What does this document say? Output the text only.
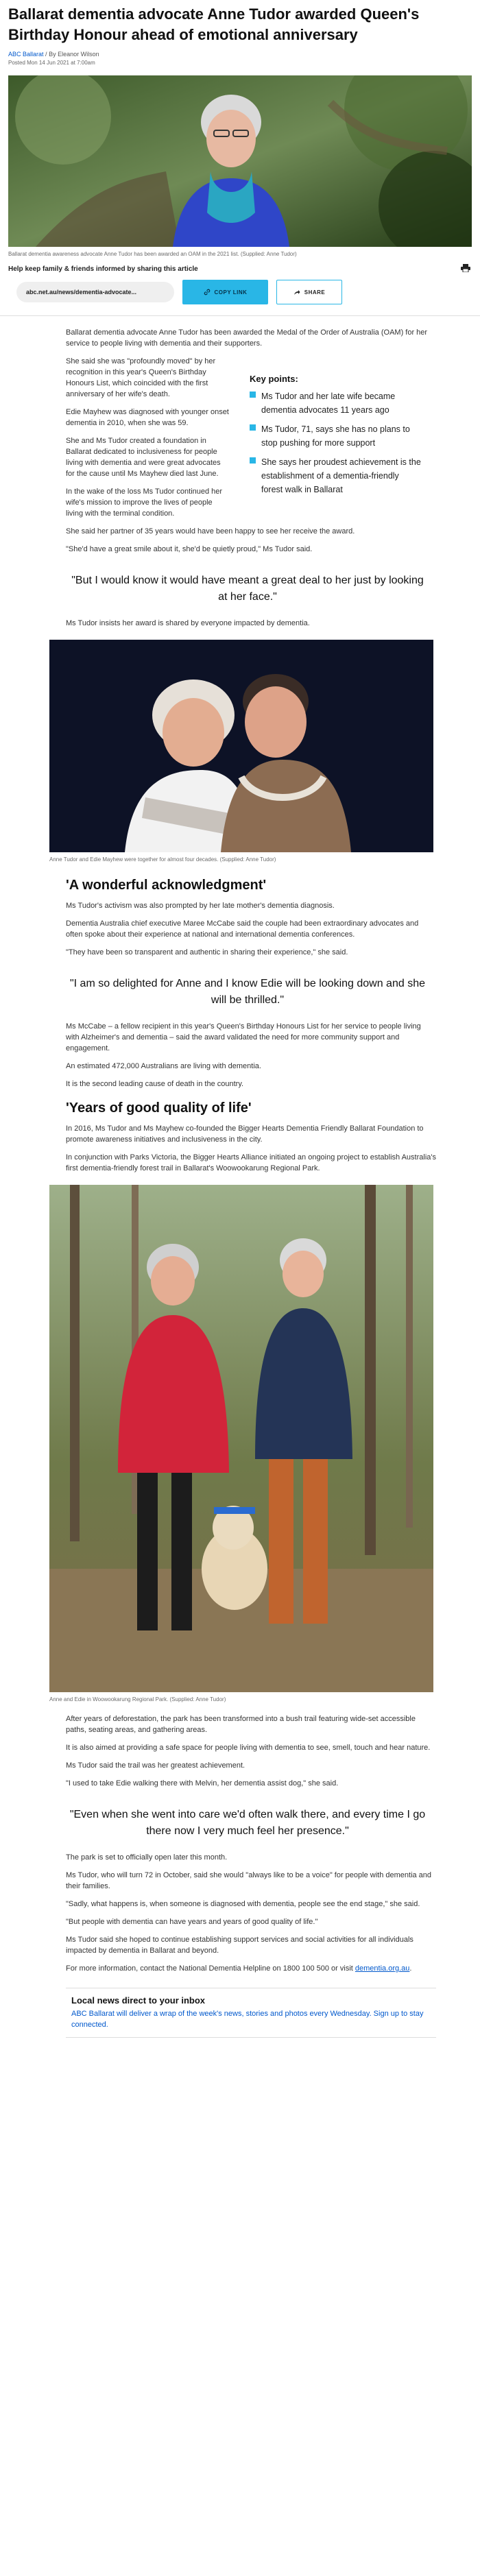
Ballarat dementia advocate Anne Tudor awarded Queen's Birthday Honour ahead of emotional anniversary
ABC Ballarat / By Eleanor Wilson
Posted Mon 14 Jun 2021 at 7:00am
Ballarat dementia awareness advocate Anne Tudor has been awarded an OAM in the 2021 list. (Supplied: Anne Tudor)
Help keep family & friends informed by sharing this article
abc.net.au/news/dementia-advocate...	COPY LINK	SHARE

Ballarat dementia advocate Anne Tudor has been awarded the Medal of the Order of Australia (OAM) for her service to people living with dementia and their supporters.

She said she was "profoundly moved" by her recognition in this year's Queen's Birthday Honours List, which coincided with the first anniversary of her wife's death.

Edie Mayhew was diagnosed with younger onset dementia in 2010, when she was 59.

She and Ms Tudor created a foundation in Ballarat dedicated to inclusiveness for people living with dementia and were great advocates for the cause until Ms Mayhew died last June.

In the wake of the loss Ms Tudor continued her wife's mission to improve the lives of people living with the terminal condition.

Key points:
Ms Tudor and her late wife became dementia advocates 11 years ago
Ms Tudor, 71, says she has no plans to stop pushing for more support
She says her proudest achievement is the establishment of a dementia-friendly forest walk in Ballarat

She said her partner of 35 years would have been happy to see her receive the award.

"She'd have a great smile about it, she'd be quietly proud," Ms Tudor said.

"But I would know it would have meant a great deal to her just by looking at her face."

Ms Tudor insists her award is shared by everyone impacted by dementia.

Anne Tudor and Edie Mayhew were together for almost four decades. (Supplied: Anne Tudor)
'A wonderful acknowledgment'

Ms Tudor's activism was also prompted by her late mother's dementia diagnosis.

Dementia Australia chief executive Maree McCabe said the couple had been extraordinary advocates and often spoke about their experience at national and international dementia conferences.

"They have been so transparent and authentic in sharing their experience," she said.

"I am so delighted for Anne and I know Edie will be looking down and she will be thrilled."

Ms McCabe – a fellow recipient in this year's Queen's Birthday Honours List for her service to people living with Alzheimer's and dementia – said the award validated the need for more community support and engagement.

An estimated 472,000 Australians are living with dementia.

It is the second leading cause of death in the country.

'Years of good quality of life'

In 2016, Ms Tudor and Ms Mayhew co-founded the Bigger Hearts Dementia Friendly Ballarat Foundation to promote awareness initiatives and inclusiveness in the city.

In conjunction with Parks Victoria, the Bigger Hearts Alliance initiated an ongoing project to establish Australia's first dementia-friendly forest trail in Ballarat's Woowookarung Regional Park.

Anne and Edie in Woowookarung Regional Park. (Supplied: Anne Tudor)

After years of deforestation, the park has been transformed into a bush trail featuring wide-set accessible paths, seating areas, and gathering areas.

It is also aimed at providing a safe space for people living with dementia to see, smell, touch and hear nature.

Ms Tudor said the trail was her greatest achievement.

"I used to take Edie walking there with Melvin, her dementia assist dog," she said.

"Even when she went into care we'd often walk there, and every time I go there now I very much feel her presence."

The park is set to officially open later this month.

Ms Tudor, who will turn 72 in October, said she would "always like to be a voice" for people with dementia and their families.

"Sadly, what happens is, when someone is diagnosed with dementia, people see the end stage," she said.

"But people with dementia can have years and years of good quality of life."

Ms Tudor said she hoped to continue establishing support services and social activities for all individuals impacted by dementia in Ballarat and beyond.

For more information, contact the National Dementia Helpline on 1800 100 500 or visit dementia.org.au.

Local news direct to your inbox

ABC Ballarat will deliver a wrap of the week's news, stories and photos every Wednesday. Sign up to stay connected.
